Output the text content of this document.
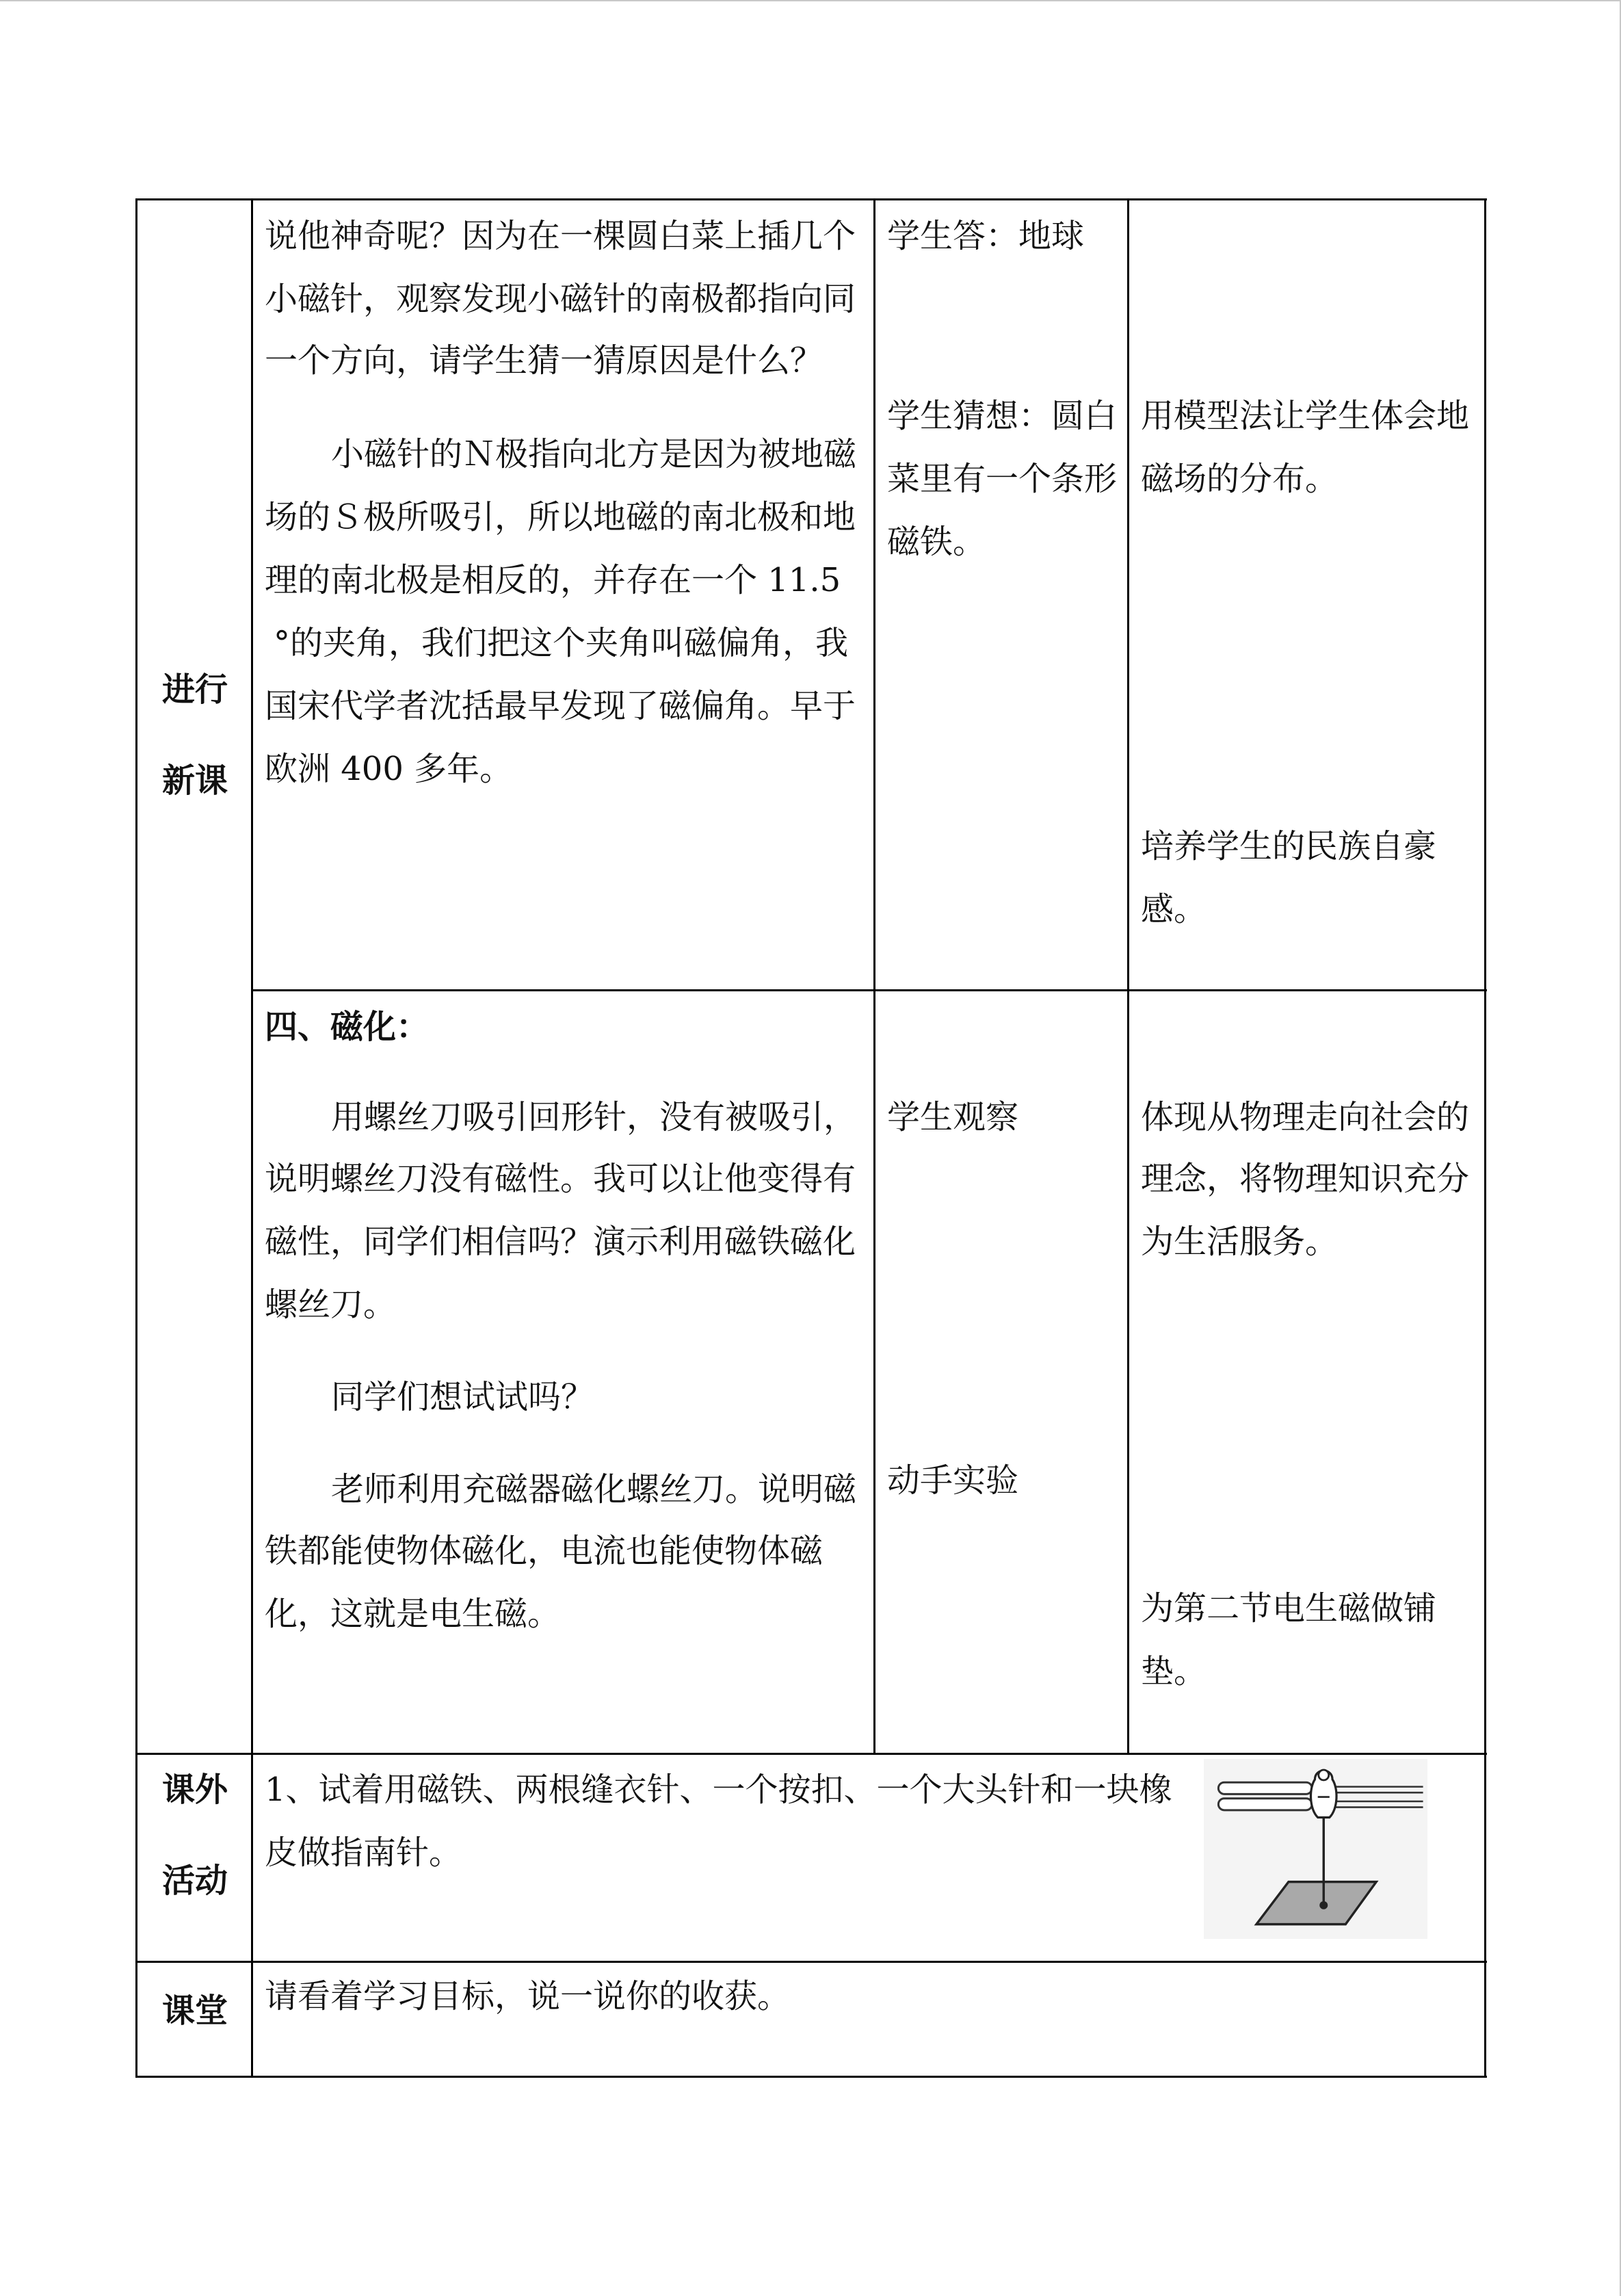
进行
新课
说他神奇呢？因为在一棵圆白菜上插几个
小磁针，观察发现小磁针的南极都指向同
一个方向，请学生猜一猜原因是什么？
小磁针的Ｎ极指向北方是因为被地磁
场的Ｓ极所吸引，所以地磁的南北极和地
理的南北极是相反的，并存在一个 11.5
°的夹角，我们把这个夹角叫磁偏角，我
国宋代学者沈括最早发现了磁偏角。早于
欧洲 400 多年。
学生答：地球
学生猜想：圆白
菜里有一个条形
磁铁。
用模型法让学生体会地
磁场的分布。
培养学生的民族自豪
感。
四、磁化：
用螺丝刀吸引回形针，没有被吸引，
说明螺丝刀没有磁性。我可以让他变得有
磁性，同学们相信吗？演示利用磁铁磁化
螺丝刀。
同学们想试试吗？
老师利用充磁器磁化螺丝刀。说明磁
铁都能使物体磁化，电流也能使物体磁
化，这就是电生磁。
学生观察
动手实验
体现从物理走向社会的
理念，将物理知识充分
为生活服务。
为第二节电生磁做铺
垫。
课外
活动
1、试着用磁铁、两根缝衣针、一个按扣、一个大头针和一块橡
皮做指南针。
课堂	请看着学习目标，说一说你的收获。
